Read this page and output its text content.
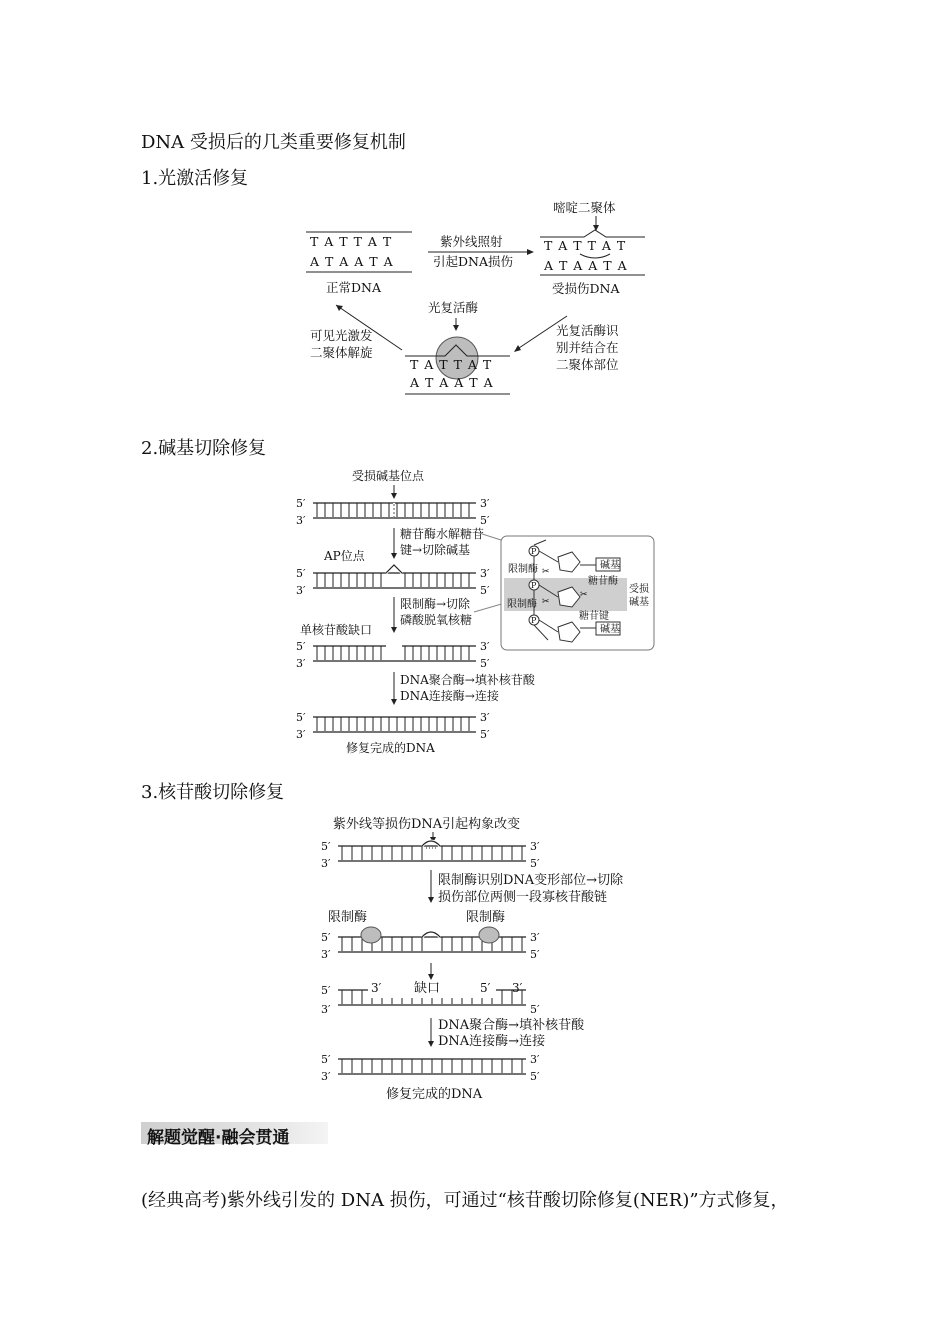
DNA 受损后的几类重要修复机制
1.光激活修复
2.碱基切除修复
3.核苷酸切除修复
T A T T A T
A T A A T A
正常DNA
紫外线照射
引起DNA损伤
嘧啶二聚体
T A T T A T
A T A A T A
受损伤DNA
光复活酶
T A T T A T
A T A A T A
可见光激发
二聚体解旋
光复活酶识
别并结合在
二聚体部位
受损碱基位点
5′	3′
3′	5′
5′	3′
3′	5′
5′	3′
3′	5′
5′	3′
3′	5′
糖苷酶水解糖苷
键→切除碱基
AP位点
限制酶→切除
磷酸脱氧核糖
单核苷酸缺口
DNA聚合酶→填补核苷酸
DNA连接酶→连接
修复完成的DNA
P
P
P
碱基
碱基
限制酶
限制酶
糖苷酶
糖苷键
受损
碱基
✂
✂
✂
紫外线等损伤DNA引起构象改变
5′	3′
3′	5′
5′	3′
3′	5′
5′	3′	5′
3′	5′
3′
5′	3′
3′	5′
限制酶识别DNA变形部位→切除
损伤部位两侧一段寡核苷酸链
限制酶	限制酶
缺口
DNA聚合酶→填补核苷酸
DNA连接酶→连接
修复完成的DNA
解题觉醒·融会贯通
(经典高考)紫外线引发的 DNA 损伤，可通过“核苷酸切除修复(NER)”方式修复，
